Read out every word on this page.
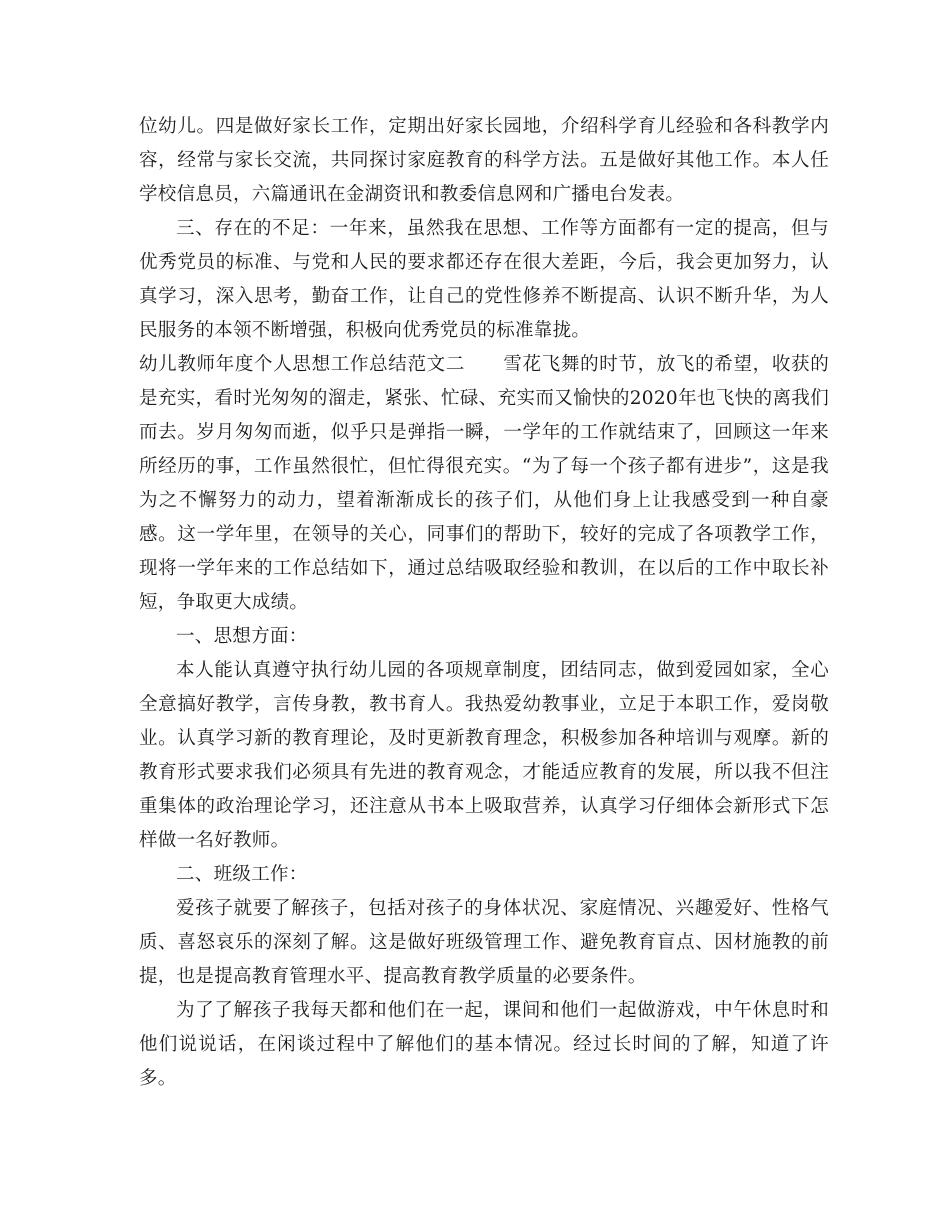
位幼儿。四是做好家长工作，定期出好家长园地，介绍科学育儿经验和各科教学内容，经常与家长交流，共同探讨家庭教育的科学方法。五是做好其他工作。本人任学校信息员，六篇通讯在金湖资讯和教委信息网和广播电台发表。

三、存在的不足：一年来，虽然我在思想、工作等方面都有一定的提高，但与优秀党员的标准、与党和人民的要求都还存在很大差距，今后，我会更加努力，认真学习，深入思考，勤奋工作，让自己的党性修养不断提高、认识不断升华，为人民服务的本领不断增强，积极向优秀党员的标准靠拢。

幼儿教师年度个人思想工作总结范文二　　雪花飞舞的时节，放飞的希望，收获的是充实，看时光匆匆的溜走，紧张、忙碌、充实而又愉快的2020年也飞快的离我们而去。岁月匆匆而逝，似乎只是弹指一瞬，一学年的工作就结束了，回顾这一年来所经历的事，工作虽然很忙，但忙得很充实。“为了每一个孩子都有进步”，这是我为之不懈努力的动力，望着渐渐成长的孩子们，从他们身上让我感受到一种自豪感。这一学年里，在领导的关心，同事们的帮助下，较好的完成了各项教学工作，现将一学年来的工作总结如下，通过总结吸取经验和教训，在以后的工作中取长补短，争取更大成绩。

一、思想方面：

本人能认真遵守执行幼儿园的各项规章制度，团结同志，做到爱园如家，全心全意搞好教学，言传身教，教书育人。我热爱幼教事业，立足于本职工作，爱岗敬业。认真学习新的教育理论，及时更新教育理念，积极参加各种培训与观摩。新的教育形式要求我们必须具有先进的教育观念，才能适应教育的发展，所以我不但注重集体的政治理论学习，还注意从书本上吸取营养，认真学习仔细体会新形式下怎样做一名好教师。

二、班级工作：

爱孩子就要了解孩子，包括对孩子的身体状况、家庭情况、兴趣爱好、性格气质、喜怒哀乐的深刻了解。这是做好班级管理工作、避免教育盲点、因材施教的前提，也是提高教育管理水平、提高教育教学质量的必要条件。

为了了解孩子我每天都和他们在一起，课间和他们一起做游戏，中午休息时和他们说说话，在闲谈过程中了解他们的基本情况。经过长时间的了解，知道了许多。
